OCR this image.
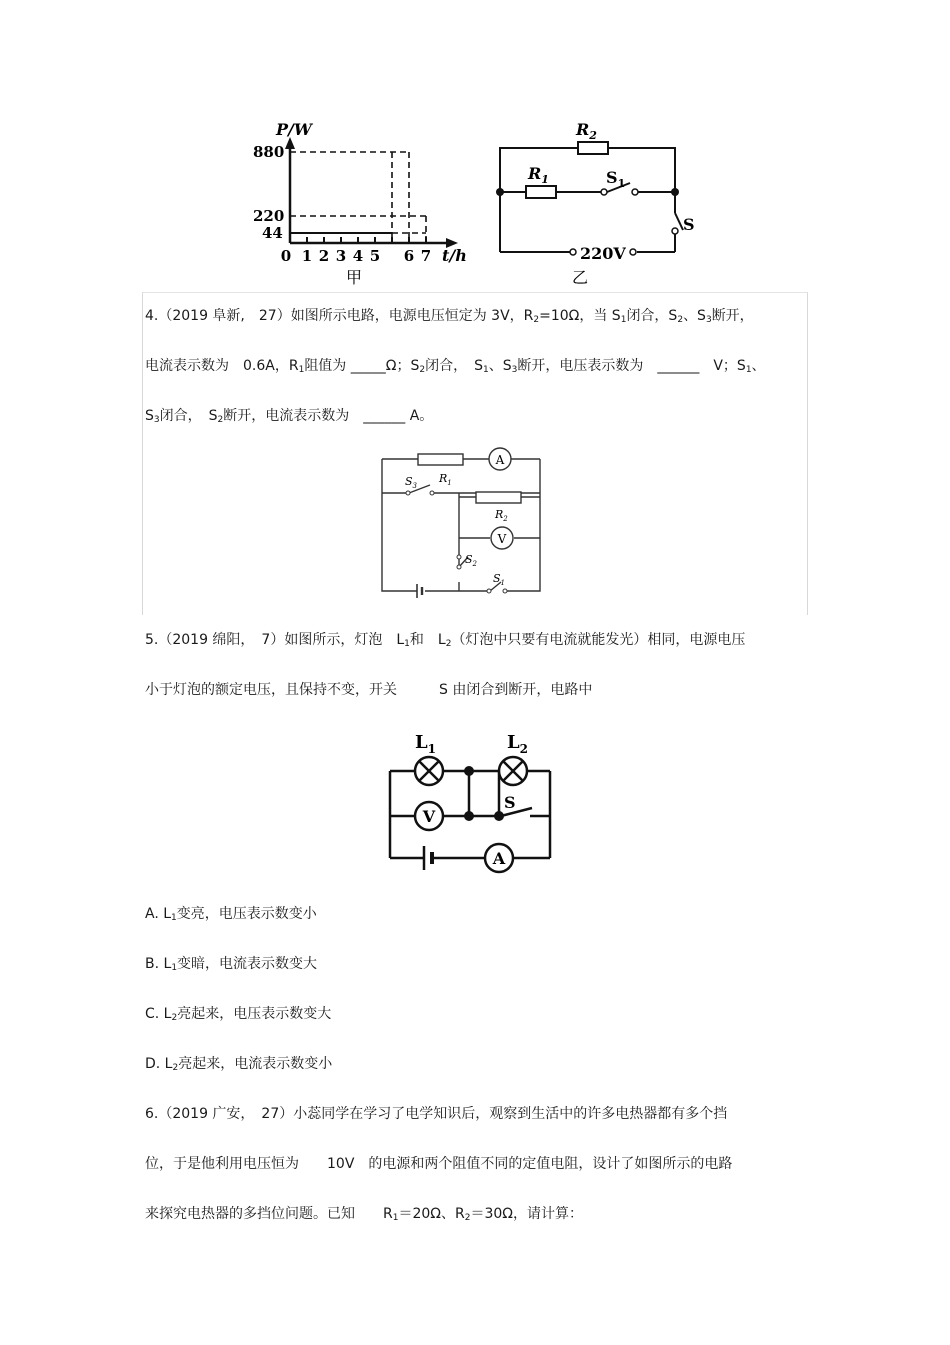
P/W
880
220
44
0 1 2 3 4 5 6 7 t/h
甲
$R_2$
$R_1$	$S_1$
S
220V
乙
4.（2019 阜新,　27）如图所示电路，电源电压恒定为 3V，$R_2=10\Omega$，当 $S_1$闭合，$S_2$、$S_3$断开，
电流表示数为　0.6A，$R_1$阻值为 _____Ω；$S_2$闭合，　$S_1$、$S_3$断开，电压表示数为　______　V；$S_1$、
$S_3$闭合，　$S_2$断开，电流表示数为　______ A。
A
V
$R_1$
$R_2$
$S_3$
$S_2$
$S_1$
5.（2019 绵阳，　7）如图所示，灯泡　$L_1$和　$L_2$（灯泡中只要有电流就能发光）相同，电源电压
小于灯泡的额定电压，且保持不变，开关　　　S 由闭合到断开，电路中
V
A
$L_1$	$L_2$
S
A. $L_1$变亮，电压表示数变小
B. $L_1$变暗，电流表示数变大
C. $L_2$亮起来，电压表示数变大
D. $L_2$亮起来，电流表示数变小
6.（2019 广安，　27）小蕊同学在学习了电学知识后，观察到生活中的许多电热器都有多个挡
位，于是他利用电压恒为　　10V　的电源和两个阻值不同的定值电阻，设计了如图所示的电路
来探究电热器的多挡位问题。已知　　$R_1=20\Omega$、$R_2=30\Omega$，请计算：
